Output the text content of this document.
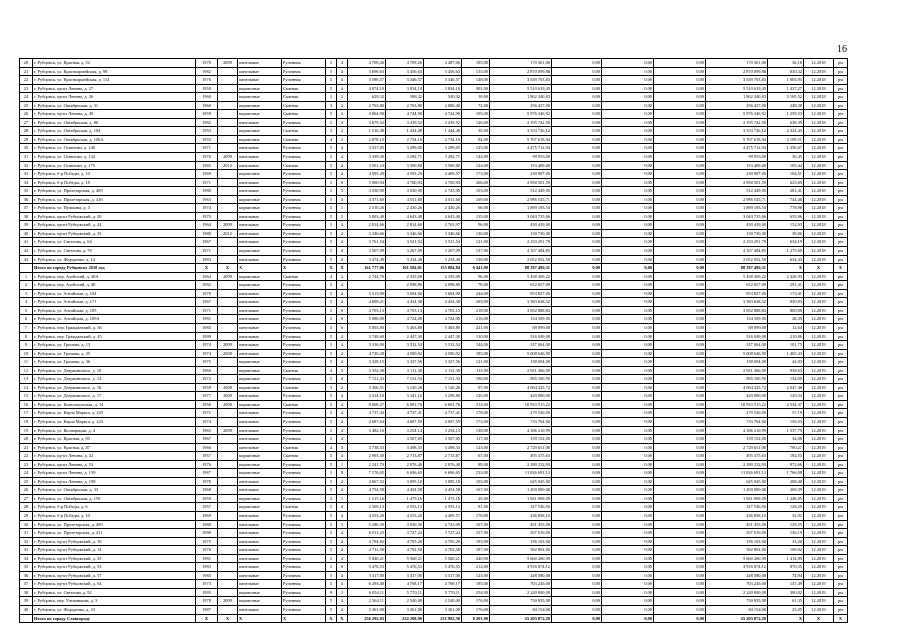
16
20	г. Рубцовск, ул. Красная, д. 52	1970	2009	панельные	Рулонная	5	4	4 709,26	4 709,26	4 487,06	185,00	170 361,00	0,00	0,00	0,00	170 361,00	36,18	12.2018	рм
21	г. Рубцовск, ул. Красноармейская, д. 98	1982		панельные	Рулонная	5	4	3 696,63	3 456,63	3 456,63	135,00	2 870 099,86	0,00	0,00	0,00	2 870 099,86	830,32	12.2018	рм
22	г. Рубцовск, ул. Красноармейская, д. 114	1976		панельные	Рулонная	5	4	3 586,57	3 346,57	3 346,57	148,00	3 359 703,83	0,00	0,00	0,00	3 359 703,83	1 003,93	12.2018	рм
23	г. Рубцовск, пр-кт Ленина, д. 27	1959		кирпичные	Скатная	5	4	4 074,10	3 834,10	3 834,10	301,00	5 510 619,45	0,00	0,00	0,00	5 510 619,45	1 437,27	12.2018	рм
24	г. Рубцовск, пр-кт Ленина, д. 26	1960		кирпичные	Скатная	2	2	628,32	588,32	540,32	10,00	1 862 340,83	0,00	0,00	0,00	1 862 340,83	3 165,52	12.2018	рм
25	г. Рубцовск, ул. Октябрьская, д. 31	1960		кирпичные	Скатная	3	3	2 763,80	2 763,80	2 080,40	72,00	256 437,00	0,00	0,00	0,00	256 437,00	248,38	12.2018	рм
26	г. Рубцовск, пр-кт Ленина, д. 40	1959		кирпичные	Скатная	5	3	4 864,90	4 744,90	4 744,90	105,00	5 976 346,92	0,00	0,00	0,00	5 976 346,92	1 259,53	12.2018	рм
27	г. Рубцовск, ул. Октябрьская, д. 80	1982		панельные	Рулонная	5	4	3 679,52	3 439,52	3 439,52	126,00	2 195 742,56	0,00	0,00	0,00	2 195 742,56	638,39	12.2018	рм
28	г. Рубцовск, ул. Октябрьская, д. 104	1953		кирпичные	Скатная	3	2	1 516,48	1 444,48	1 444,48	35,00	3 354 726,12	0,00	0,00	0,00	3 354 726,12	2 322,45	12.2018	рм
29	г. Рубцовск, ул. Октябрьская, д. 106А	1955		кирпичные	Скатная	4	3	2 878,10	2 734,10	2 734,10	84,00	5 707 618,94	0,00	0,00	0,00	5 707 618,94	2 109,51	12.2018	рм
30	г. Рубцовск, ул. Осипенко, д. 140	1971		панельные	Рулонная	5	4	3 537,05	3 299,05	3 299,05	125,00	4 475 712,94	0,00	0,00	0,00	4 475 712,94	1 356,67	12.2018	рм
31	г. Рубцовск, ул. Осипенко, д. 144	1970	2009	панельные	Рулонная	5	4	3 339,30	3 282,71	3 282,71	142,00	99 953,00	0,00	0,00	0,00	99 953,00	30,45	12.2018	рм
32	г. Рубцовск, ул. Осипенко, д. 175	1965	2012	панельные	Скатная	5	4	3 501,23	3 500,80	3 500,80	124,00	153 409,00	0,00	0,00	0,00	153 409,00	105,44	12.2018	рм
33	г. Рубцовск, б-р Победы, д. 10	1969		кирпичные	Рулонная	5	4	4 593,29	4 593,29	4 409,57	173,00	239 907,00	0,00	0,00	0,00	239 907,00	104,51	12.2018	рм
34	г. Рубцовск, б-р Победы, д. 18	1971		панельные	Рулонная	5	6	5 060,94	4 760,94	4 760,94	266,00	2 958 501,59	0,00	0,00	0,00	2 958 501,59	625,69	12.2018	рм
35	г. Рубцовск, ул. Пролетарская, д. 409	1980		панельные	Рулонная	5	3	3 030,90	3 030,90	2 743,00	103,00	512 449,00	0,00	0,00	0,00	512 449,00	281,41	12.2018	рм
36	г. Рубцовск, ул. Пролетарская, д. 416	1963		кирпичные	Рулонная	5	4	4 371,60	4 011,60	4 011,60	169,00	2 986 545,71	0,00	0,00	0,00	2 986 545,71	744,48	12.2018	рм
37	г. Рубцовск, ул. Пушкина, д. 3	1974		кирпичные	Рулонная	5	1	2 510,26	2 430,26	2 430,26	66,00	1 889 183,53	0,00	0,00	0,00	1 889 183,53	778,98	12.2018	рм
38	г. Рубцовск, пр-кт Рубцовский, д. 20	1970		панельные	Рулонная	5	5	5 003,40	4 643,40	4 643,40	135,00	3 043 735,66	0,00	0,00	0,00	3 043 735,66	655,96	12.2018	рм
39	г. Рубцовск, пр-кт Рубцовский, д. 24	1964	2009	панельные	Рулонная	5	4	2 814,66	2 814,66	2 763,97	96,00	430 439,00	0,00	0,00	0,00	430 439,00	152,93	12.2018	рм
40	г. Рубцовск, пр-кт Рубцовский, д. 35	1980	2012	панельные	Рулонная	5	4	3 346,66	3 346,66	3 346,66	130,00	130 730,00	0,00	0,00	0,00	130 730,00	39,06	12.2018	рм
41	г. Рубцовск, ул. Светлова, д. 64	1967		панельные	Рулонная	5	4	3 761,54	3 521,54	3 521,54	121,00	2 233 291,70	0,00	0,00	0,00	2 233 291,70	634,19	12.2018	рм
42	г. Рубцовск, ул. Светлова, д. 76	1971		кирпичные	Рулонная	5	4	3 507,09	3 267,09	3 267,09	137,00	4 167 484,85	0,00	0,00	0,00	4 167 484,85	1 275,60	12.2018	рм
43	г. Рубцовск, ул. Федоренко, д. 14	1983		панельные	Рулонная	5	4	3 474,49	3 234,49	3 234,49	138,00	2 052 052,59	0,00	0,00	0,00	2 052 052,59	634,43	12.2018	рм
	Итого по городу Рубцовску 2018 год	X	X	X	X	X	X	161 777,06	161 584,01	155 084,84	6 441,00	88 187 486,31	0,00	0,00	0,00	88 187 486,31	X	X	X
1	г. Рубцовск, пер. Алейский, д. 30А	1964	2009	кирпичные	Скатная	4	2	2 744,70	2 335,08	2 335,08	96,00	5 438 269,22	0,00	0,00	0,00	5 438 269,22	2 328,93	12.2019	рм
2	г. Рубцовск, пер. Алейский, д. 40	1992		кирпичные	Рулонная	5	4		2 098,80	2 098,80	78,00	612 657,00	0,00	0,00	0,00	612 657,00	291,41	12.2019	рм
3	г. Рубцовск, ул. Алтайская, д. 104	1970		панельные	Рулонная	5	4	5 513,09	3 694,00	3 694,00	244,00	953 827,00	0,00	0,00	0,00	953 827,00	173,41	12.2019	рм
4	г. Рубцовск, ул. Алтайская, д. 171	1967		панельные	Рулонная	5	4	4 699,21	4 434,38	4 434,38	203,00	3 583 628,32	0,00	0,00	0,00	3 583 628,32	830,83	12.2019	рм
5	г. Рубцовск, ул. Алтайская, д. 185	1971		панельные	Рулонная	5	6	4 703,13	4 703,13	4 703,13	218,00	3 652 888,84	0,00	0,00	0,00	3 652 888,84	800,00	12.2019	рм
6	г. Рубцовск, ул. Алтайская, д. 189А	1981		панельные	Рулонная	5	6	5 086,00	4 724,00	4 724,00	216,00	134 109,00	0,00	0,00	0,00	134 109,00	28,39	12.2019	рм
7	г. Рубцовск, пер. Гражданский, д. 36	1983		панельные	Рулонная	5	6	5 003,80	5 463,80	5 463,80	221,00	69 099,00	0,00	0,00	0,00	69 099,00	12,64	12.2019	рм
8	г. Рубцовск, пер. Гражданский, д. 45	1999		панельные	Рулонная	5	4	3 748,60	2 447,30	2 447,30	130,00	516 049,00	0,00	0,00	0,00	516 049,00	210,86	12.2019	рм
9	г. Рубцовск, ул. Громова, д. 13	1974	2009	панельные	Рулонная	5	4	3 316,00	3 312,54	3 312,54	144,00	337 064,00	0,00	0,00	0,00	337 064,00	101,75	12.2019	рм
10	г. Рубцовск, ул. Громова, д. 25	1974	2008	панельные	Рулонная	5	4	4 720,28	4 500,02	4 590,02	185,00	5 008 646,99	0,00	0,00	0,00	5 008 646,99	1 465,43	12.2019	рм
11	г. Рубцовск, ул. Громова, д. 36	1975		кирпичные	Рулонная	5	4	3 328,15	3 337,56	3 327,56	121,00	138 694,00	0,00	0,00	0,00	138 694,00	42,03	12.2019	рм
12	г. Рубцовск, ул. Дзержинского, д. 10	1960		кирпичные	Скатная	4	3	3 352,38	3 112,38	3 112,38	113,00	2 921 366,00	0,00	0,00	0,00	2 921 366,00	938,63	12.2019	рм
13	г. Рубцовск, ул. Дзержинского, д. 14	1972		кирпичные	Рулонная	5	4	7 151,33	7 151,33	7 151,33	180,00	985 100,90	0,00	0,00	0,00	985 100,90	134,00	12.2019	рм
14	г. Рубцовск, ул. Дзержинского, д. 16	1959	2008	кирпичные	Скатная	3	2	3 306,51	3 120,28	3 120,28	97,00	4 064 325,72	0,00	0,00	0,00	4 064 325,72	2 047,48	12.2019	рм
15	г. Рубцовск, ул. Дзержинского, д. 17	1977	2009	панельные	Рулонная	5	4	3 414,10	3 341,10	3 258,80	126,00	420 000,00	0,00	0,00	0,00	420 000,00	129,34	12.2019	рм
16	г. Рубцовск, ул. Комсомольская, д. 14	1956	2008	кирпичные	Скатная	5	4	8 069,27	6 681,76	6 681,76	214,00	16 933 515,22	0,00	0,00	0,00	16 933 515,22	2 534,37	12.2019	рм
17	г. Рубцовск, ул. Карла Маркса, д. 225	1971		панельные	Рулонная	5	4	4 737,44	4 737,41	4 737,41	178,00	270 526,00	0,00	0,00	0,00	270 526,00	57,10	12.2019	рм
18	г. Рубцовск, ул. Карла Маркса, д. 223	1974		панельные	Рулонная	5	4	4 687,64	4 687,59	4 687,59	172,00	733 764,00	0,00	0,00	0,00	733 764,00	156,53	12.2019	рм
19	г. Рубцовск, ул. Кооперации, д. 4	1965	2009	панельные	Рулонная	5	4	3 482,16	3 254,14	3 254,14	138,00	4 186 210,99	0,00	0,00	0,00	4 186 210,99	1 537,79	12.2019	рм
20	г. Рубцовск, ул. Красная, д. 85	1967		панельные	Рулонная	5	4		3 507,69	3 507,69	117,00	159 152,00	0,00	0,00	0,00	159 152,00	34,08	12.2019	рм
21	г. Рубцовск, ул. Красная, д. 87	1966		панельные	Скатная	4	3	3 738,33	3 498,33	3 498,33	123,00	2 729 651,00	0,00	0,00	0,00	2 729 651,00	780,27	12.2019	рм
22	г. Рубцовск, пр-кт Ленина, д. 32	1957		кирпичные	Скатная	5	4	2 993,30	2 713,87	2 713,87	67,00	495 375,63	0,00	0,00	0,00	495 375,63	182,53	12.2019	рм
23	г. Рубцовск, пр-кт Ленина, д. 53	1976		кирпичные	Рулонная	5	1	2 241,70	2 076,40	2 076,40	89,00	2 189 232,93	0,00	0,00	0,00	2 189 232,93	972,66	12.2019	рм
24	г. Рубцовск, пр-кт Ленина, д. 139	1987		кирпичные	Рулонная	5	8	7 176,65	6 696,65	6 696,65	233,00	11 826 691,13	0,00	0,00	0,00	11 826 691,13	1 766,08	12.2019	рм
25	г. Рубцовск, пр-кт Ленина, д. 198	1978		панельные	Рулонная	5	4	4 667,52	3 095,18	3 095,18	103,00	645 045,00	0,00	0,00	0,00	645 045,00	208,40	12.2019	рм
26	г. Рубцовск, ул. Октябрьская, д. 33	1968		панельные	Рулонная	5	4	4 754,58	4 454,58	4 454,58	167,00	1 200 000,00	0,00	0,00	0,00	1 200 000,00	269,39	12.2019	рм
27	г. Рубцовск, ул. Октябрьская, д. 159	1959		кирпичные	Рулонная	3	1	1 515,16	1 475,16	1 475,16	25,00	1 841 069,00	0,00	0,00	0,00	1 841 069,00	1 248,05	12.2019	рм
28	г. Рубцовск, б-р Победы, д. 6	1957		кирпичные	Скатная	5	4	2 569,13	2 553,13	2 553,13	81,00	327 546,00	0,00	0,00	0,00	327 546,00	128,29	12.2019	рм
29	г. Рубцовск, б-р Победы, д. 10	1969		панельные	Рулонная	5	4	4 553,20	4 553,20	4 409,57	176,00	236 858,10	0,00	0,00	0,00	236 858,10	52,02	12.2019	рм
30	г. Рубцовск, ул. Пролетарская, д. 409	1980		панельные	Рулонная	5	3	3 280,30	3 030,30	2 743,00	107,00	451 455,00	0,00	0,00	0,00	451 455,00	129,55	12.2019	рм
31	г. Рубцовск, ул. Пролетарская, д. 411	1990		панельные	Рулонная	5	4	6 011,23	3 727,24	3 727,24	157,00	507 616,00	0,00	0,00	0,00	507 616,00	136,19	12.2019	рм
32	г. Рубцовск, пр-кт Рубцовский, д. 10	1975		панельные	Рулонная	5	4	4 704,82	4 705,28	4 705,28	193,00	156 103,00	0,00	0,00	0,00	156 103,00	33,20	12.2019	рм
33	г. Рубцовск, пр-кт Рубцовский, д. 14	1976		панельные	Рулонная	5	4	4 712,58	4 702,58	4 702,58	187,00	502 802,00	0,00	0,00	0,00	502 802,00	106,92	12.2019	рм
34	г. Рубцовск, пр-кт Рубцовский, д. 35	1981		панельные	Рулонная	5	4	5 840,21	5 560,21	5 560,21	240,00	5 660 266,99	0,00	0,00	0,00	5 660 266,99	1 414,89	12.2019	рм
35	г. Рубцовск, пр-кт Рубцовский, д. 53	1983		панельные	Рулонная	5	6	5 476,53	5 476,53	5 476,53	212,00	3 916 874,12	0,00	0,00	0,00	3 916 874,12	870,35	12.2019	рм
36	г. Рубцовск, пр-кт Рубцовский, д. 57	1983		панельные	Рулонная	5	4	3 317,00	3 317,00	3 317,00	123,00	248 580,00	0,00	0,00	0,00	248 580,00	74,94	12.2019	рм
37	г. Рубцовск, пр-кт Рубцовский, д. 64	1973		панельные	Рулонная	5	4	6 293,40	4 768,17	4 768,17	195,00	703 245,00	0,00	0,00	0,00	703 245,00	147,49	12.2019	рм
38	г. Рубцовск, ул. Светлова, д. 92	1995		кирпичные	Рулонная	9	3	6 054,11	5 770,11	5 770,11	254,00	2 240 000,00	0,00	0,00	0,00	2 240 000,00	390,02	12.2019	рм
39	г. Рубцовск, пер. Улежникова, д. 3	1978	2009	кирпичные	Рулонная	5	4	2 564,11	2 540,00	2 540,00	176,00	730 935,00	0,00	0,00	0,00	730 935,00	61,35	12.2019	рм
40	г. Рубцовск, ул. Федоренко, д. 23	1987		панельные	Рулонная	5	4	3 361,00	3 361,00	3 361,00	176,00	84 154,00	0,00	0,00	0,00	84 154,00	25,05	12.2019	рм
	Итого по городу Славгороду	X	X	X	X	X	X	256 292,03	232 208,90	231 982,30	8 201,00	25 203 072,20	0,00	0,00	0,00	25 203 072,20	X	X	X
